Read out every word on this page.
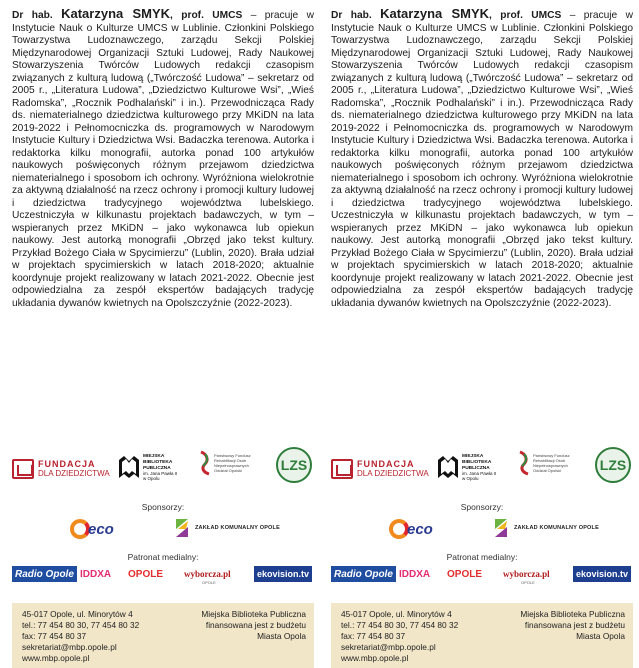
Dr hab. Katarzyna SMYK, prof. UMCS – pracuje w Instytucie Nauk o Kulturze UMCS w Lublinie. Członkini Polskiego Towarzystwa Ludoznawczego, zarządu Sekcji Polskiej Międzynarodowej Organizacji Sztuki Ludowej, Rady Naukowej Stowarzyszenia Twórców Ludowych redakcji czasopism związanych z kulturą ludową („Twórczość Ludowa” – sekretarz od 2005 r., „Literatura Ludowa”, „Dziedzictwo Kulturowe Wsi”, „Wieś Radomska”, „Rocznik Podhalański” i in.). Przewodnicząca Rady ds. niematerialnego dziedzictwa kulturowego przy MKiDN na lata 2019-2022 i Pełnomocniczka ds. programowych w Narodowym Instytucie Kultury i Dziedzictwa Wsi. Badaczka terenowa. Autorka i redaktorka kilku monografii, autorka ponad 100 artykułów naukowych poświęconych różnym przejawom dziedzictwa niematerialnego i sposobom ich ochrony. Wyróżniona wielokrotnie za aktywną działalność na rzecz ochrony i promocji kultury ludowej i dziedzictwa tradycyjnego województwa lubelskiego. Uczestniczyła w kilkunastu projektach badawczych, w tym – wspieranych przez MKiDN – jako wykonawca lub opiekun naukowy. Jest autorką monografii „Obrzęd jako tekst kultury. Przykład Bożego Ciała w Spycimierzu” (Lublin, 2020). Brała udział w projektach spycimierskich w latach 2018-2020; aktualnie koordynuje projekt realizowany w latach 2021-2022. Obecnie jest odpowiedzialna za zespół ekspertów badających tradycję układania dywanów kwietnych na Opolszczyźnie (2022-2023).

FUNDACJA
DLA DZIEDZICTWA
MIEJSKA
BIBLIOTEKA
PUBLICZNA
im. Jana Pawła II
w Opolu
Państwowy Fundusz Rehabilitacji Osób Niepełnosprawnych Oddział Opolski	LZS
Sponsorzy:
eco	ZAKŁAD KOMUNALNY OPOLE
Patronat medialny:
Radio Opole IDDXA OPOLE wyborcza.pl
OPOLE
ekovision.tv
45-017 Opole, ul. Minorytów 4
tel.: 77 454 80 30, 77 454 80 32
fax: 77 454 80 37
sekretariat@mbp.opole.pl
www.mbp.opole.pl
Miejska Biblioteka Publiczna
finansowana jest z budżetu
Miasta Opola

Dr hab. Katarzyna SMYK, prof. UMCS – pracuje w Instytucie Nauk o Kulturze UMCS w Lublinie. Członkini Polskiego Towarzystwa Ludoznawczego, zarządu Sekcji Polskiej Międzynarodowej Organizacji Sztuki Ludowej, Rady Naukowej Stowarzyszenia Twórców Ludowych redakcji czasopism związanych z kulturą ludową („Twórczość Ludowa” – sekretarz od 2005 r., „Literatura Ludowa”, „Dziedzictwo Kulturowe Wsi”, „Wieś Radomska”, „Rocznik Podhalański” i in.). Przewodnicząca Rady ds. niematerialnego dziedzictwa kulturowego przy MKiDN na lata 2019-2022 i Pełnomocniczka ds. programowych w Narodowym Instytucie Kultury i Dziedzictwa Wsi. Badaczka terenowa. Autorka i redaktorka kilku monografii, autorka ponad 100 artykułów naukowych poświęconych różnym przejawom dziedzictwa niematerialnego i sposobom ich ochrony. Wyróżniona wielokrotnie za aktywną działalność na rzecz ochrony i promocji kultury ludowej i dziedzictwa tradycyjnego województwa lubelskiego. Uczestniczyła w kilkunastu projektach badawczych, w tym – wspieranych przez MKiDN – jako wykonawca lub opiekun naukowy. Jest autorką monografii „Obrzęd jako tekst kultury. Przykład Bożego Ciała w Spycimierzu” (Lublin, 2020). Brała udział w projektach spycimierskich w latach 2018-2020; aktualnie koordynuje projekt realizowany w latach 2021-2022. Obecnie jest odpowiedzialna za zespół ekspertów badających tradycję układania dywanów kwietnych na Opolszczyźnie (2022-2023).

FUNDACJA
DLA DZIEDZICTWA
MIEJSKA
BIBLIOTEKA
PUBLICZNA
im. Jana Pawła II
w Opolu
Państwowy Fundusz Rehabilitacji Osób Niepełnosprawnych Oddział Opolski	LZS
Sponsorzy:
eco	ZAKŁAD KOMUNALNY OPOLE
Patronat medialny:
Radio Opole IDDXA OPOLE wyborcza.pl
OPOLE
ekovision.tv
45-017 Opole, ul. Minorytów 4
tel.: 77 454 80 30, 77 454 80 32
fax: 77 454 80 37
sekretariat@mbp.opole.pl
www.mbp.opole.pl
Miejska Biblioteka Publiczna
finansowana jest z budżetu
Miasta Opola
